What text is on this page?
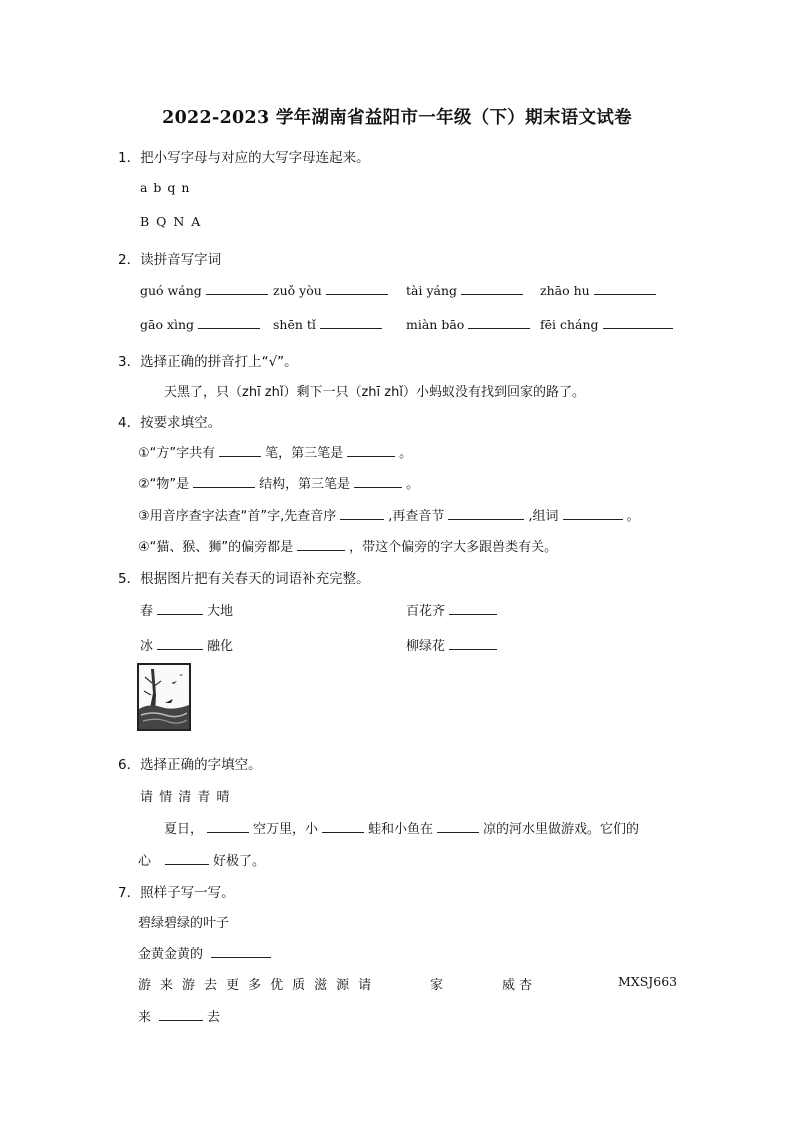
2022-2023 学年湖南省益阳市一年级（下）期末语文试卷
1．把小写字母与对应的大写字母连起来。
a b q n
B Q N A
2．读拼音写字词
guó wáng	zuǒ yòu	tài yáng	zhāo hu
gāo xìng	shēn tǐ	miàn bāo	fēi cháng
3．选择正确的拼音打上“√”。
天黑了，只（zhī zhǐ）剩下一只（zhī zhǐ）小蚂蚁没有找到回家的路了。
4．按要求填空。
①“方”字共有	笔，第三笔是	。
②“物”是	结构，第三笔是	。
③用音序查字法查“首”字,先查音序	,再查音节	,组词	。
④“猫、猴、狮”的偏旁都是	，带这个偏旁的字大多跟兽类有关。
5．根据图片把有关春天的词语补充完整。
春	大地	百花齐
冰	融化	柳绿花
6．选择正确的字填空。
请 情 清 青 晴
夏日，	空万里，小	蛙和小鱼在	凉的河水里做游戏。它们的
心	好极了。
7．照样子写一写。
碧绿碧绿的叶子
金黄金黄的
游来游去更多优质滋源请	家	威杏	MXSJ663
来	去
